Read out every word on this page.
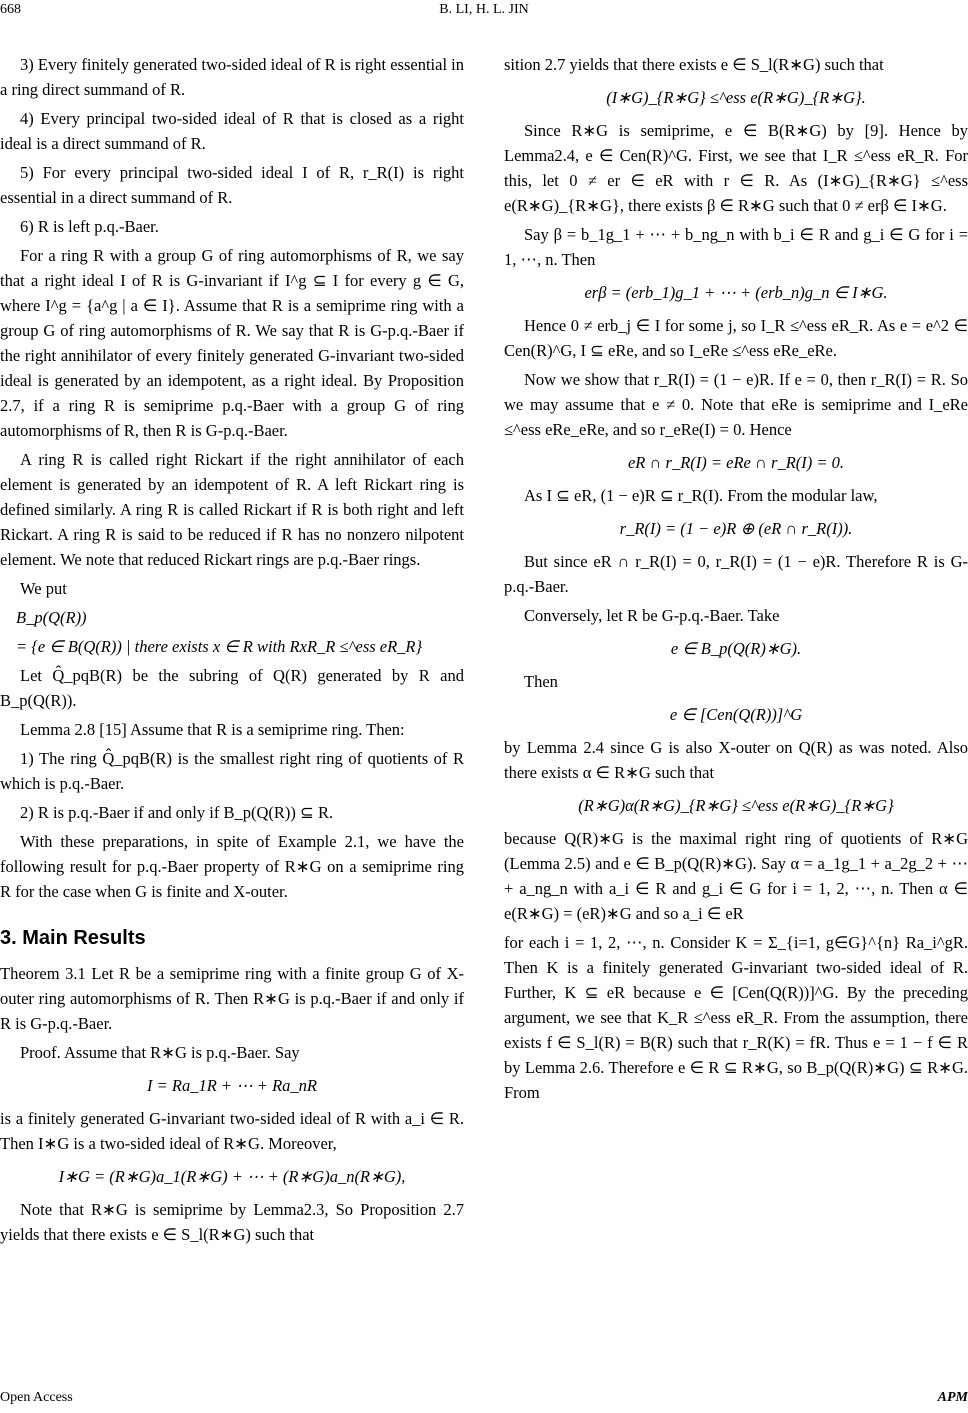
668	B. LI, H. L. JIN

3) Every finitely generated two-sided ideal of R is right essential in a ring direct summand of R.

4) Every principal two-sided ideal of R that is closed as a right ideal is a direct summand of R.

5) For every principal two-sided ideal I of R, r_R(I) is right essential in a direct summand of R.

6) R is left p.q.-Baer.

For a ring R with a group G of ring automorphisms of R, we say that a right ideal I of R is G-invariant if I^g ⊆ I for every g ∈ G, where I^g = {a^g | a ∈ I}. Assume that R is a semiprime ring with a group G of ring automorphisms of R. We say that R is G-p.q.-Baer if the right annihilator of every finitely generated G-invariant two-sided ideal is generated by an idempotent, as a right ideal. By Proposition 2.7, if a ring R is semiprime p.q.-Baer with a group G of ring automorphisms of R, then R is G-p.q.-Baer.

A ring R is called right Rickart if the right annihilator of each element is generated by an idempotent of R. A left Rickart ring is defined similarly. A ring R is called Rickart if R is both right and left Rickart. A ring R is said to be reduced if R has no nonzero nilpotent element. We note that reduced Rickart rings are p.q.-Baer rings.

We put

B_p(Q(R))

= {e ∈ B(Q(R)) | there exists x ∈ R with RxR_R ≤^ess eR_R}

Let Q̂_pqB(R) be the subring of Q(R) generated by R and B_p(Q(R)).

Lemma 2.8 [15] Assume that R is a semiprime ring. Then:

1) The ring Q̂_pqB(R) is the smallest right ring of quotients of R which is p.q.-Baer.

2) R is p.q.-Baer if and only if B_p(Q(R)) ⊆ R.

With these preparations, in spite of Example 2.1, we have the following result for p.q.-Baer property of R∗G on a semiprime ring R for the case when G is finite and X-outer.

3. Main Results

Theorem 3.1 Let R be a semiprime ring with a finite group G of X-outer ring automorphisms of R. Then R∗G is p.q.-Baer if and only if R is G-p.q.-Baer.

Proof. Assume that R∗G is p.q.-Baer. Say

I = Ra_1R + ⋯ + Ra_nR

is a finitely generated G-invariant two-sided ideal of R with a_i ∈ R. Then I∗G is a two-sided ideal of R∗G. Moreover,

I∗G = (R∗G)a_1(R∗G) + ⋯ + (R∗G)a_n(R∗G),

Note that R∗G is semiprime by Lemma2.3, So Proposition 2.7 yields that there exists e ∈ S_l(R∗G) such that

sition 2.7 yields that there exists e ∈ S_l(R∗G) such that

(I∗G)_{R∗G} ≤^ess e(R∗G)_{R∗G}.

Since R∗G is semiprime, e ∈ B(R∗G) by [9]. Hence by Lemma2.4, e ∈ Cen(R)^G. First, we see that I_R ≤^ess eR_R. For this, let 0 ≠ er ∈ eR with r ∈ R. As (I∗G)_{R∗G} ≤^ess e(R∗G)_{R∗G}, there exists β ∈ R∗G such that 0 ≠ erβ ∈ I∗G.

Say β = b_1g_1 + ⋯ + b_ng_n with b_i ∈ R and g_i ∈ G for i = 1, ⋯, n. Then

erβ = (erb_1)g_1 + ⋯ + (erb_n)g_n ∈ I∗G.

Hence 0 ≠ erb_j ∈ I for some j, so I_R ≤^ess eR_R. As e = e^2 ∈ Cen(R)^G, I ⊆ eRe, and so I_eRe ≤^ess eRe_eRe.

Now we show that r_R(I) = (1 − e)R. If e = 0, then r_R(I) = R. So we may assume that e ≠ 0. Note that eRe is semiprime and I_eRe ≤^ess eRe_eRe, and so r_eRe(I) = 0. Hence

eR ∩ r_R(I) = eRe ∩ r_R(I) = 0.

As I ⊆ eR, (1 − e)R ⊆ r_R(I). From the modular law,

r_R(I) = (1 − e)R ⊕ (eR ∩ r_R(I)).

But since eR ∩ r_R(I) = 0, r_R(I) = (1 − e)R. Therefore R is G-p.q.-Baer.

Conversely, let R be G-p.q.-Baer. Take

e ∈ B_p(Q(R)∗G).

Then

e ∈ [Cen(Q(R))]^G

by Lemma 2.4 since G is also X-outer on Q(R) as was noted. Also there exists α ∈ R∗G such that

(R∗G)α(R∗G)_{R∗G} ≤^ess e(R∗G)_{R∗G}

because Q(R)∗G is the maximal right ring of quotients of R∗G (Lemma 2.5) and e ∈ B_p(Q(R)∗G). Say α = a_1g_1 + a_2g_2 + ⋯ + a_ng_n with a_i ∈ R and g_i ∈ G for i = 1, 2, ⋯, n. Then α ∈ e(R∗G) = (eR)∗G and so a_i ∈ eR

for each i = 1, 2, ⋯, n. Consider K = Σ_{i=1, g∈G}^{n} Ra_i^gR. Then K is a finitely generated G-invariant two-sided ideal of R. Further, K ⊆ eR because e ∈ [Cen(Q(R))]^G. By the preceding argument, we see that K_R ≤^ess eR_R. From the assumption, there exists f ∈ S_l(R) = B(R) such that r_R(K) = fR. Thus e = 1 − f ∈ R by Lemma 2.6. Therefore e ∈ R ⊆ R∗G, so B_p(Q(R)∗G) ⊆ R∗G. From

Open Access	APM
